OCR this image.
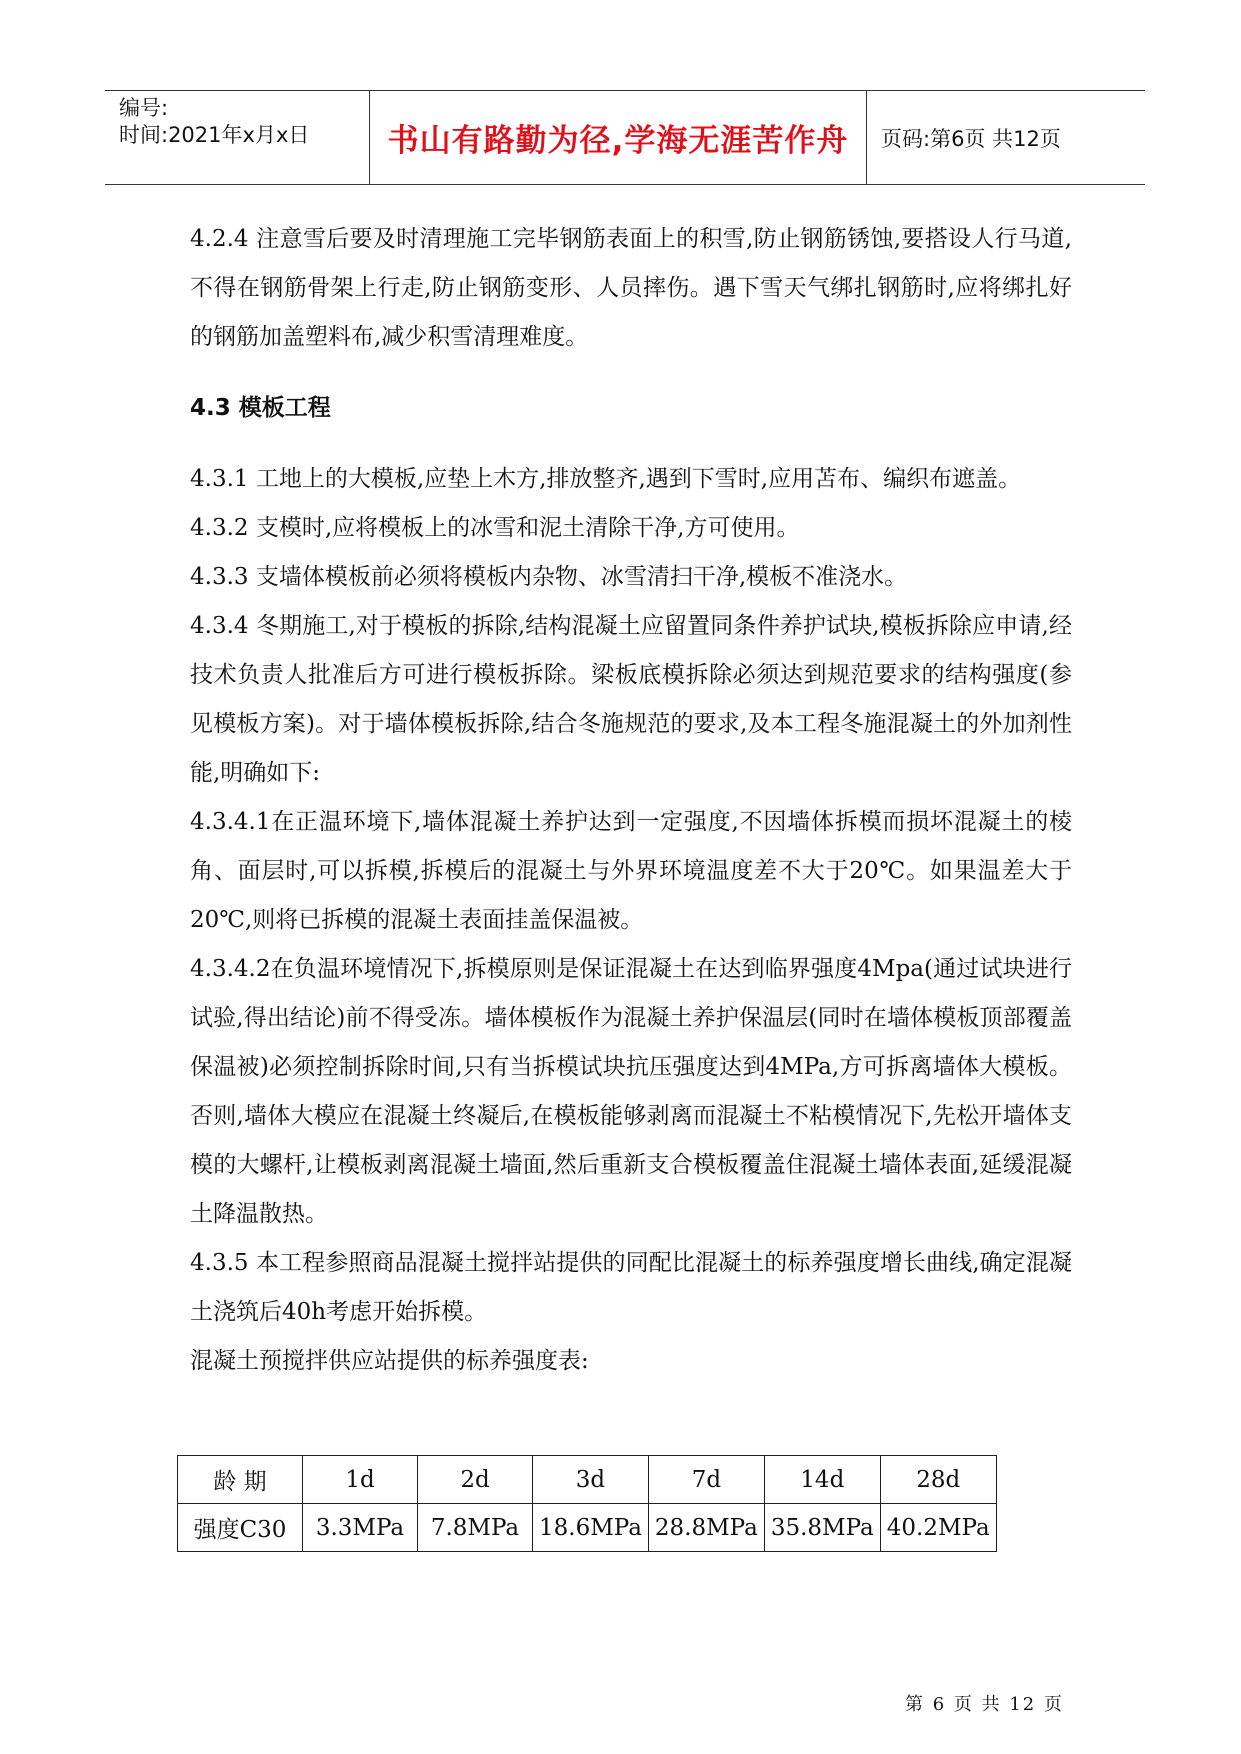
编号:
时间:2021年x月x日	书山有路勤为径,学海无涯苦作舟	页码:第6页 共12页

4.2.4 注意雪后要及时清理施工完毕钢筋表面上的积雪,防止钢筋锈蚀,要搭设人行马道,不得在钢筋骨架上行走,防止钢筋变形、人员摔伤。遇下雪天气绑扎钢筋时,应将绑扎好的钢筋加盖塑料布,减少积雪清理难度。

4.3 模板工程

4.3.1 工地上的大模板,应垫上木方,排放整齐,遇到下雪时,应用苫布、编织布遮盖。

4.3.2 支模时,应将模板上的冰雪和泥土清除干净,方可使用。

4.3.3 支墙体模板前必须将模板内杂物、冰雪清扫干净,模板不准浇水。

4.3.4 冬期施工,对于模板的拆除,结构混凝土应留置同条件养护试块,模板拆除应申请,经技术负责人批准后方可进行模板拆除。梁板底模拆除必须达到规范要求的结构强度(参见模板方案)。对于墙体模板拆除,结合冬施规范的要求,及本工程冬施混凝土的外加剂性能,明确如下:

4.3.4.1在正温环境下,墙体混凝土养护达到一定强度,不因墙体拆模而损坏混凝土的棱角、面层时,可以拆模,拆模后的混凝土与外界环境温度差不大于20℃。如果温差大于20℃,则将已拆模的混凝土表面挂盖保温被。

4.3.4.2在负温环境情况下,拆模原则是保证混凝土在达到临界强度4Mpa(通过试块进行试验,得出结论)前不得受冻。墙体模板作为混凝土养护保温层(同时在墙体模板顶部覆盖保温被)必须控制拆除时间,只有当拆模试块抗压强度达到4MPa,方可拆离墙体大模板。否则,墙体大模应在混凝土终凝后,在模板能够剥离而混凝土不粘模情况下,先松开墙体支模的大螺杆,让模板剥离混凝土墙面,然后重新支合模板覆盖住混凝土墙体表面,延缓混凝土降温散热。

4.3.5 本工程参照商品混凝土搅拌站提供的同配比混凝土的标养强度增长曲线,确定混凝土浇筑后40h考虑开始拆模。

混凝土预搅拌供应站提供的标养强度表:

龄 期	1d	2d	3d	7d	14d	28d
强度C30	3.3MPa	7.8MPa	18.6MPa	28.8MPa	35.8MPa	40.2MPa
第 6 页 共 12 页
